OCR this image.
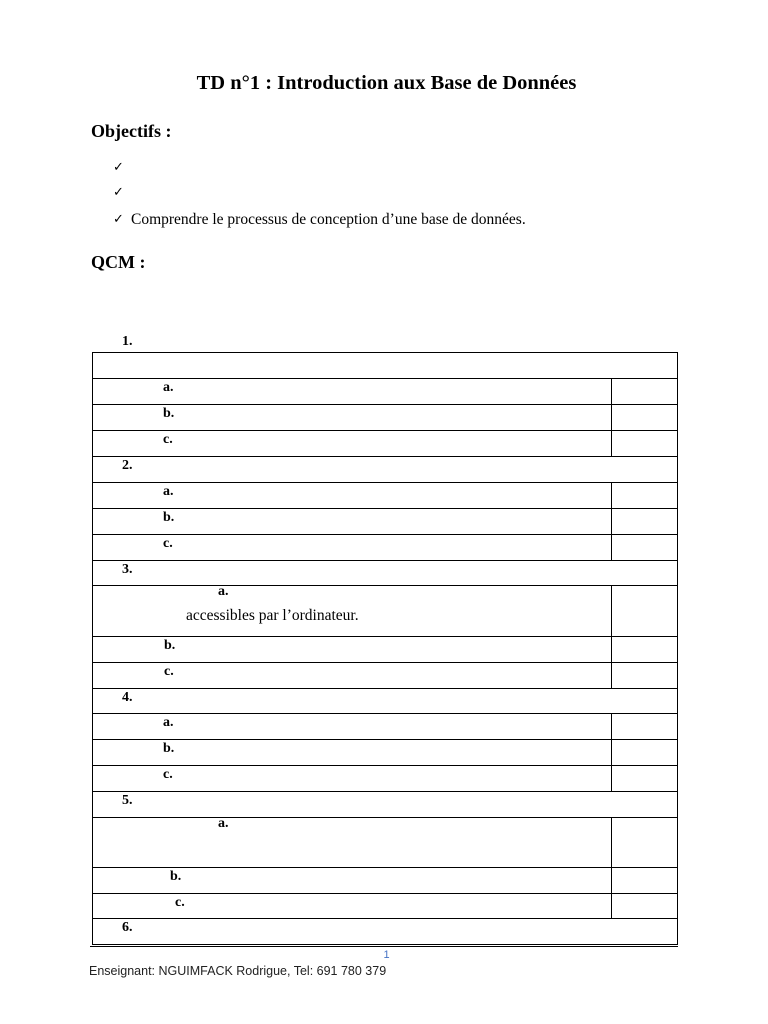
TD n°1 : Introduction aux Base de Données
Objectifs :
✓
✓
✓ Comprendre le processus de conception d’une base de données.
QCM :
1.
a.
b.
c.
2.
a.
b.
c.
3.
a.
accessibles par l’ordinateur.
b.
c.
4.
a.
b.
c.
5.
a.
b.
c.
6.
1
Enseignant: NGUIMFACK Rodrigue, Tel: 691 780 379
